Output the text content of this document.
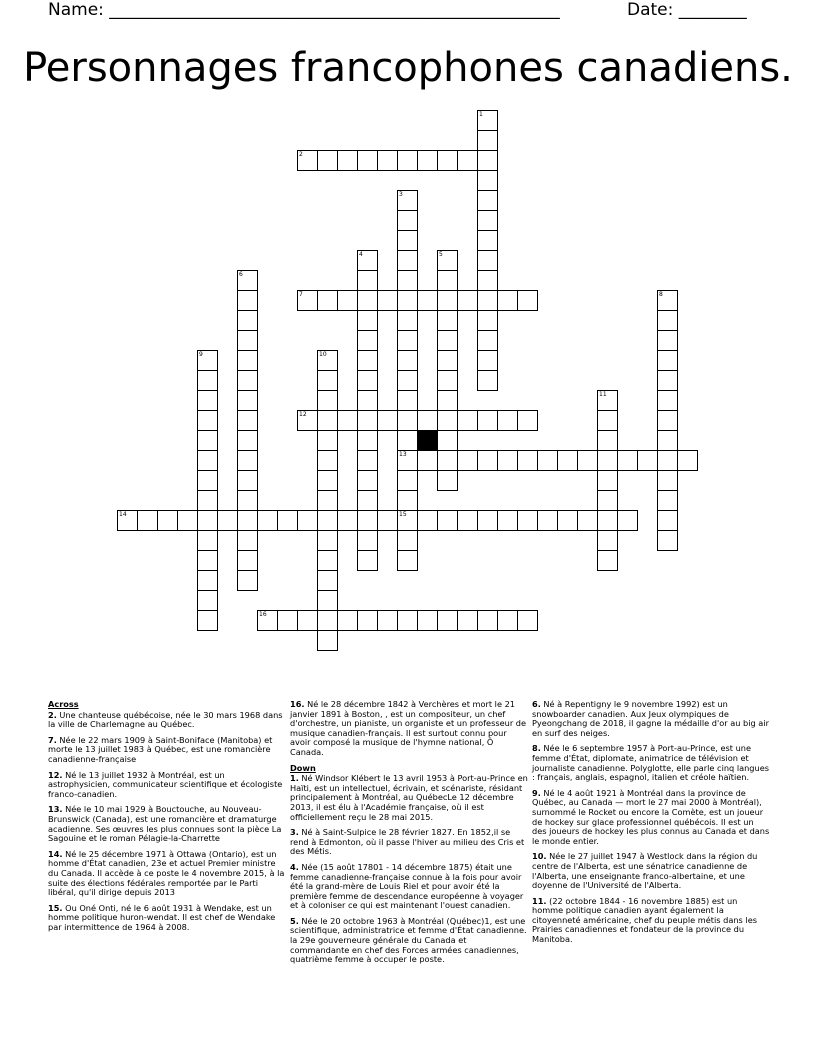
Name: _____________________________________________________	Date: ________
Personnages francophones canadiens.
1
2
3
13
15
4	5
6
7	8
9	10
11
12
14
16

Across

2. Une chanteuse québécoise, née le 30 mars 1968 dans la ville de Charlemagne au Québec.

7. Née le 22 mars 1909 à Saint-Boniface (Manitoba) et morte le 13 juillet 1983 à Québec, est une romancière canadienne-française

12. Né le 13 juillet 1932 à Montréal, est un astrophysicien, communicateur scientifique et écologiste franco-canadien.

13. Née le 10 mai 1929 à Bouctouche, au Nouveau-Brunswick (Canada), est une romancière et dramaturge acadienne. Ses œuvres les plus connues sont la pièce La Sagouine et le roman Pélagie-la-Charrette

14. Né le 25 décembre 1971 à Ottawa (Ontario), est un homme d'État canadien, 23e et actuel Premier ministre du Canada. Il accède à ce poste le 4 novembre 2015, à la suite des élections fédérales remportée par le Parti libéral, qu'il dirige depuis 2013

15. Ou Oné Onti, né le 6 août 1931 à Wendake, est un homme politique huron-wendat. Il est chef de Wendake par intermittence de 1964 à 2008.

16. Né le 28 décembre 1842 à Verchères et mort le 21 janvier 1891 à Boston, , est un compositeur, un chef d'orchestre, un pianiste, un organiste et un professeur de musique canadien-français. Il est surtout connu pour avoir composé la musique de l'hymne national, Ô Canada.

Down

1. Né Windsor Klébert le 13 avril 1953 à Port-au-Prince en Haïti, est un intellectuel, écrivain, et scénariste, résidant principalement à Montréal, au QuébecLe 12 décembre 2013, il est élu à l'Académie française, où il est officiellement reçu le 28 mai 2015.

3. Né à Saint-Sulpice le 28 février 1827. En 1852,il se rend à Edmonton, où il passe l'hiver au milieu des Cris et des Métis.

4. Née (15 août 17801 - 14 décembre 1875) était une femme canadienne-française connue à la fois pour avoir été la grand-mère de Louis Riel et pour avoir été la première femme de descendance européenne à voyager et à coloniser ce qui est maintenant l'ouest canadien.

5. Née le 20 octobre 1963 à Montréal (Québec)1, est une scientifique, administratrice et femme d'État canadienne. la 29e gouverneure générale du Canada et commandante en chef des Forces armées canadiennes, quatrième femme à occuper le poste.

6. Né à Repentigny le 9 novembre 1992) est un snowboarder canadien. Aux Jeux olympiques de Pyeongchang de 2018, il gagne la médaille d'or au big air en surf des neiges.

8. Née le 6 septembre 1957 à Port-au-Prince, est une femme d'État, diplomate, animatrice de télévision et journaliste canadienne. Polyglotte, elle parle cinq langues : français, anglais, espagnol, italien et créole haïtien.

9. Né le 4 août 1921 à Montréal dans la province de Québec, au Canada — mort le 27 mai 2000 à Montréal), surnommé le Rocket ou encore la Comète, est un joueur de hockey sur glace professionnel québécois. Il est un des joueurs de hockey les plus connus au Canada et dans le monde entier.

10. Née le 27 juillet 1947 à Westlock dans la région du centre de l'Alberta, est une sénatrice canadienne de l'Alberta, une enseignante franco-albertaine, et une doyenne de l'Université de l'Alberta.

11. (22 octobre 1844 - 16 novembre 1885) est un homme politique canadien ayant également la citoyenneté américaine, chef du peuple métis dans les Prairies canadiennes et fondateur de la province du Manitoba.
